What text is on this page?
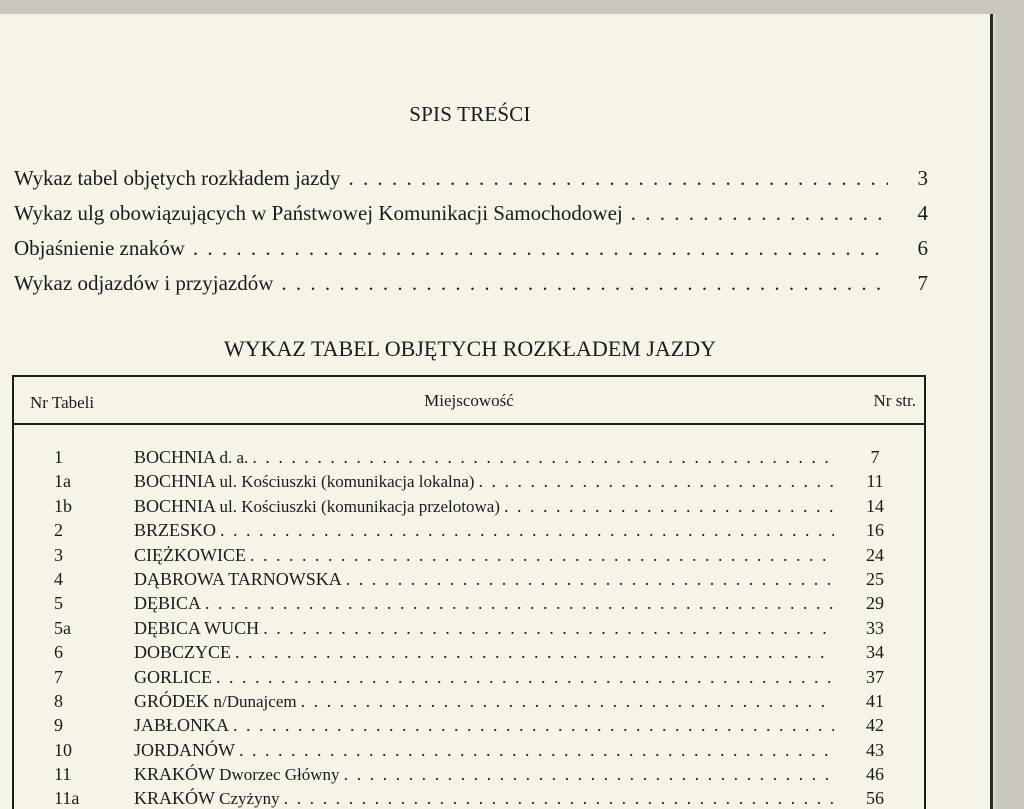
SPIS TREŚCI
Wykaz tabel objętych rozkładem jazdy . . .	3
Wykaz ulg obowiązujących w Państwowej Komunikacji Samochodowej . . .	4
Objaśnienie znaków . . .	6
Wykaz odjazdów i przyjazdów . . .	7
WYKAZ TABEL OBJĘTYCH ROZKŁADEM JAZDY
Nr Tabeli	Miejscowość	Nr str.
1	BOCHNIA d. a. . . .	7
1a	BOCHNIA ul. Kościuszki (komunikacja lokalna) . . .	11
1b	BOCHNIA ul. Kościuszki (komunikacja przelotowa) . . .	14
2	BRZESKO . . .	16
3	CIĘŻKOWICE . . .	24
4	DĄBROWA TARNOWSKA . . .	25
5	DĘBICA . . .	29
5a	DĘBICA WUCH . . .	33
6	DOBCZYCE . . .	34
7	GORLICE . . .	37
8	GRÓDEK n/Dunajcem . . .	41
9	JABŁONKA . . .	42
10	JORDANÓW . . .	43
11	KRAKÓW Dworzec Główny . . .	46
11a	KRAKÓW Czyżyny . . .	56
